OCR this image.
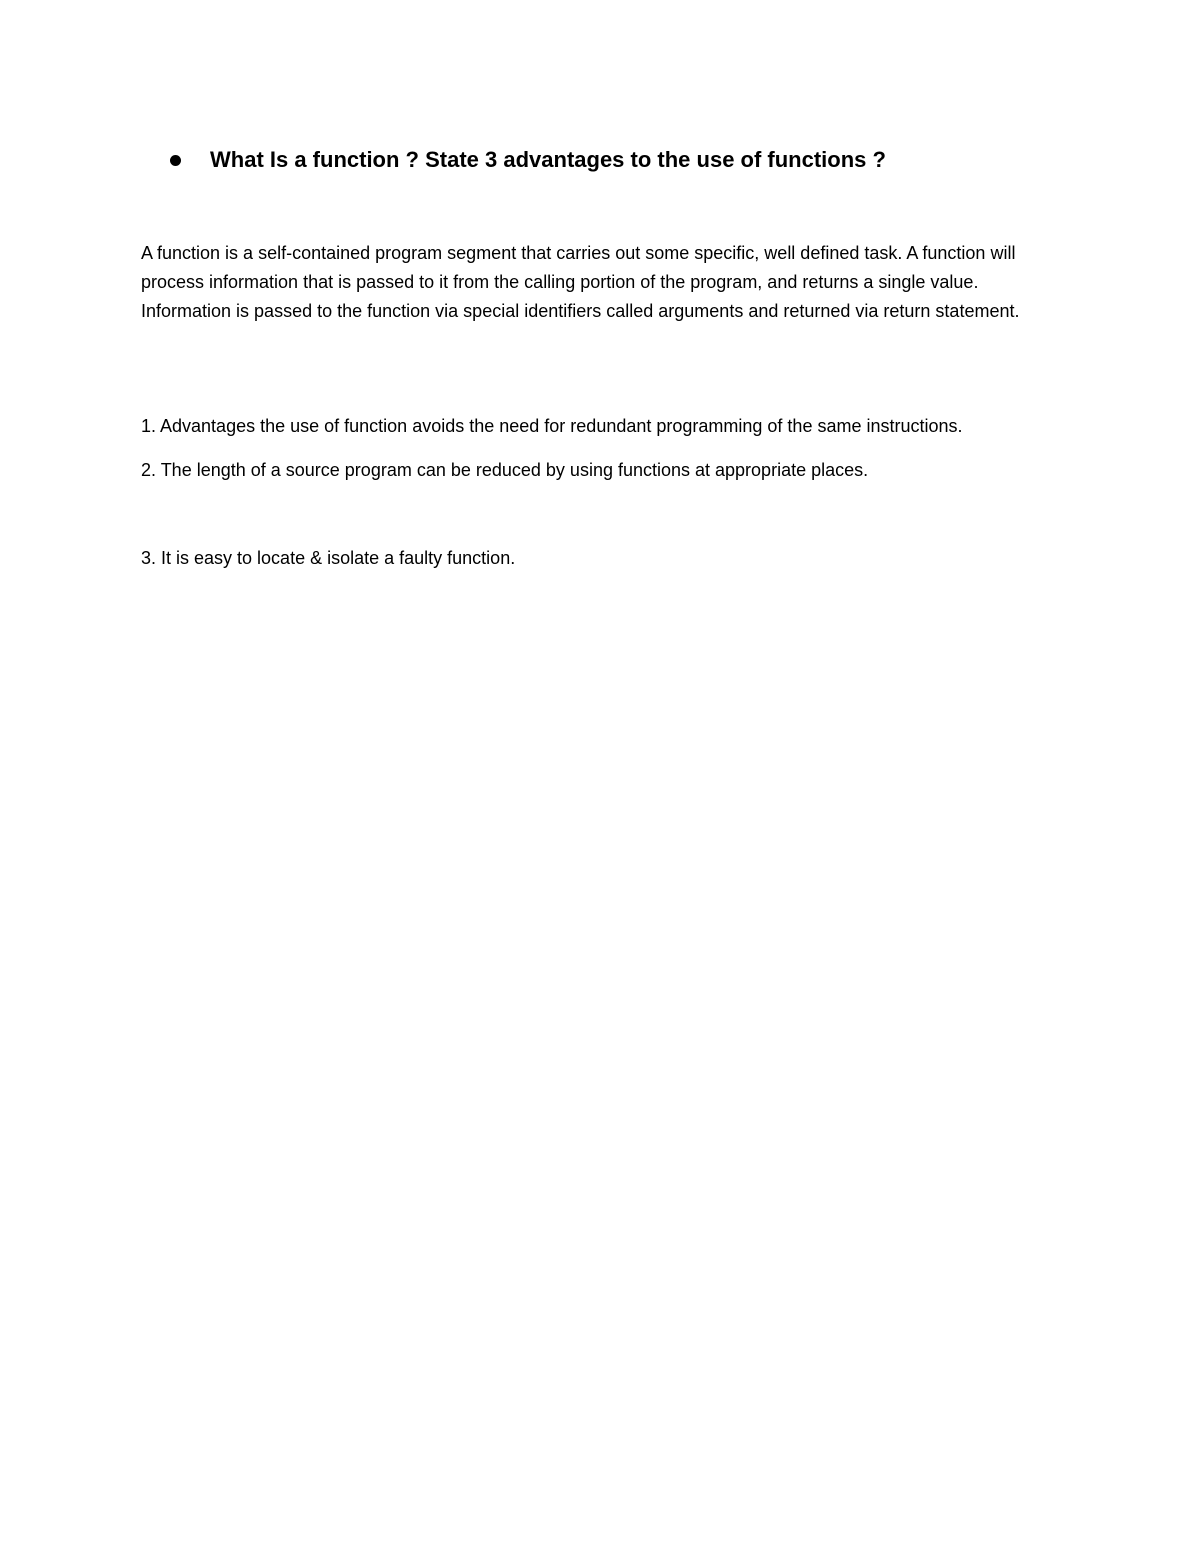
What Is a function ? State 3 advantages to the use of functions ?

A function is a self-contained program segment that carries out some specific, well defined task. A function will process information that is passed to it from the calling portion of the program, and returns a single value. Information is passed to the function via special identifiers called arguments and returned via return statement.

1. Advantages the use of function avoids the need for redundant programming of the same instructions.

2. The length of a source program can be reduced by using functions at appropriate places.

3. It is easy to locate & isolate a faulty function.
